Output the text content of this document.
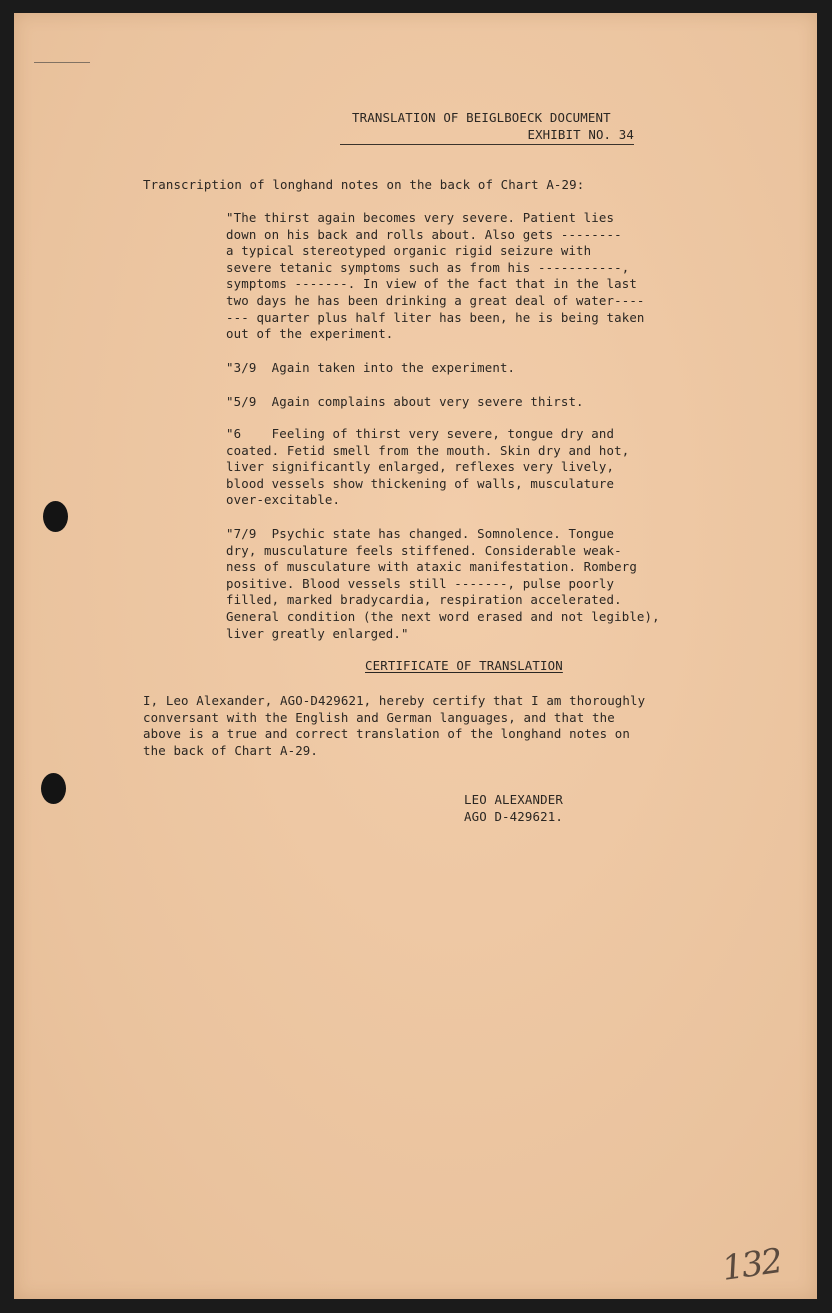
TRANSLATION OF BEIGLBOECK DOCUMENT
EXHIBIT NO. 34
Transcription of longhand notes on the back of Chart A-29:
"The thirst again becomes very severe. Patient lies
down on his back and rolls about. Also gets --------
a typical stereotyped organic rigid seizure with
severe tetanic symptoms such as from his -----------,
symptoms -------. In view of the fact that in the last
two days he has been drinking a great deal of water----
--- quarter plus half liter has been, he is being taken
out of the experiment.
"3/9  Again taken into the experiment.
"5/9  Again complains about very severe thirst.
"6    Feeling of thirst very severe, tongue dry and
coated. Fetid smell from the mouth. Skin dry and hot,
liver significantly enlarged, reflexes very lively,
blood vessels show thickening of walls, musculature
over-excitable.
"7/9  Psychic state has changed. Somnolence. Tongue
dry, musculature feels stiffened. Considerable weak-
ness of musculature with ataxic manifestation. Romberg
positive. Blood vessels still -------, pulse poorly
filled, marked bradycardia, respiration accelerated.
General condition (the next word erased and not legible),
liver greatly enlarged."
CERTIFICATE OF TRANSLATION
I, Leo Alexander, AGO-D429621, hereby certify that I am thoroughly
conversant with the English and German languages, and that the
above is a true and correct translation of the longhand notes on
the back of Chart A-29.
LEO ALEXANDER
AGO D-429621.
132
